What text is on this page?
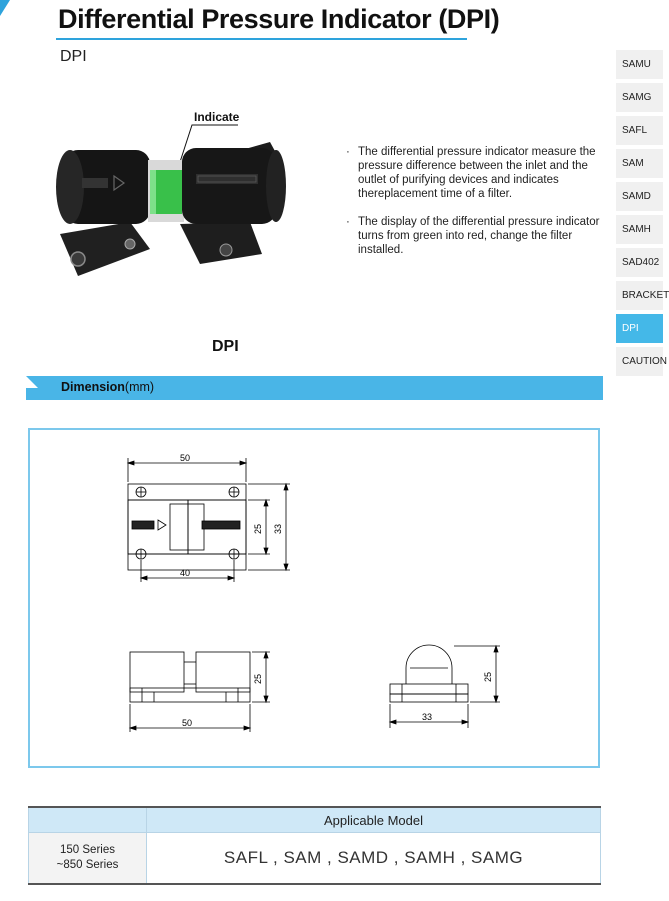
Differential Pressure Indicator (DPI)
DPI	SAMU
SAMG
SAFL
SAM
SAMD
SAMH
SAD402
BRACKET
DPI
CAUTION
Indicate
DPI
· The differential pressure indicator measure the pressure difference between the inlet and the outlet of purifying devices and indicates thereplacement time of a filter.
· The display of the differential pressure indicator turns from green into red, change the filter installed.
Dimension(mm)
50
25 33
40
25
50
25
33
	Applicable Model

150 Series
~850 Series	SAFL , SAM , SAMD , SAMH , SAMG
